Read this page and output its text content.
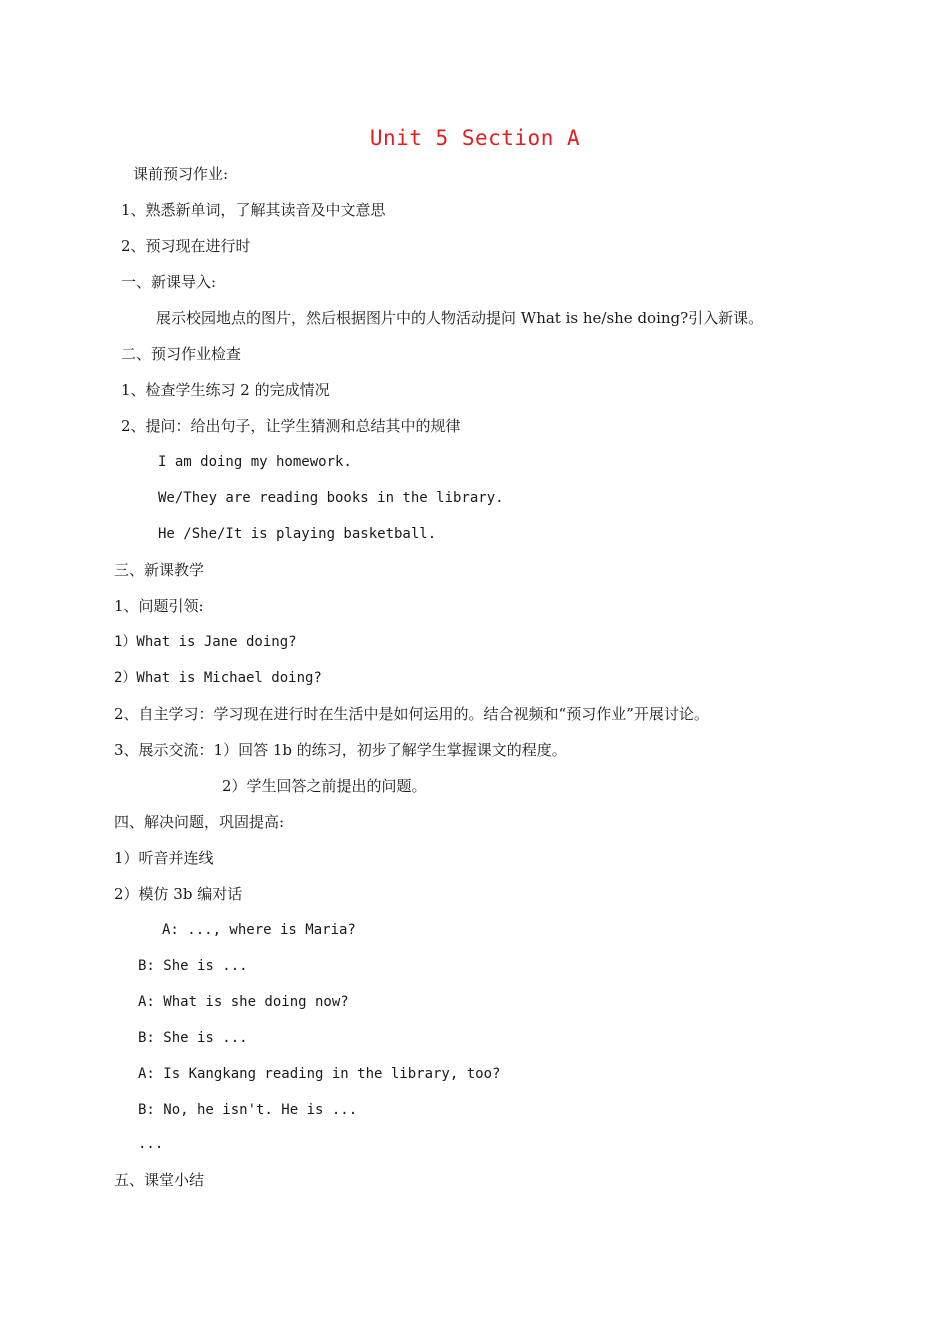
Unit 5 Section A
课前预习作业:
1、熟悉新单词，了解其读音及中文意思
2、预习现在进行时
一、新课导入:
展示校园地点的图片，然后根据图片中的人物活动提问 What is he/she doing?引入新课。
二、预习作业检查
1、检查学生练习 2 的完成情况
2、提问：给出句子，让学生猜测和总结其中的规律
I am doing my homework.
We/They are reading books in the library.
He /She/It is playing basketball.
三、新课教学
1、问题引领:
1）What is Jane doing?
2）What is Michael doing?
2、自主学习：学习现在进行时在生活中是如何运用的。结合视频和“预习作业”开展讨论。
3、展示交流：1）回答 1b 的练习，初步了解学生掌握课文的程度。
2）学生回答之前提出的问题。
四、解决问题，巩固提高:
1）听音并连线
2）模仿 3b 编对话
A: ..., where is Maria?
B: She is ...
A: What is she doing now?
B: She is ...
A: Is Kangkang reading in the library, too?
B: No, he isn't. He is ...
...
五、课堂小结
